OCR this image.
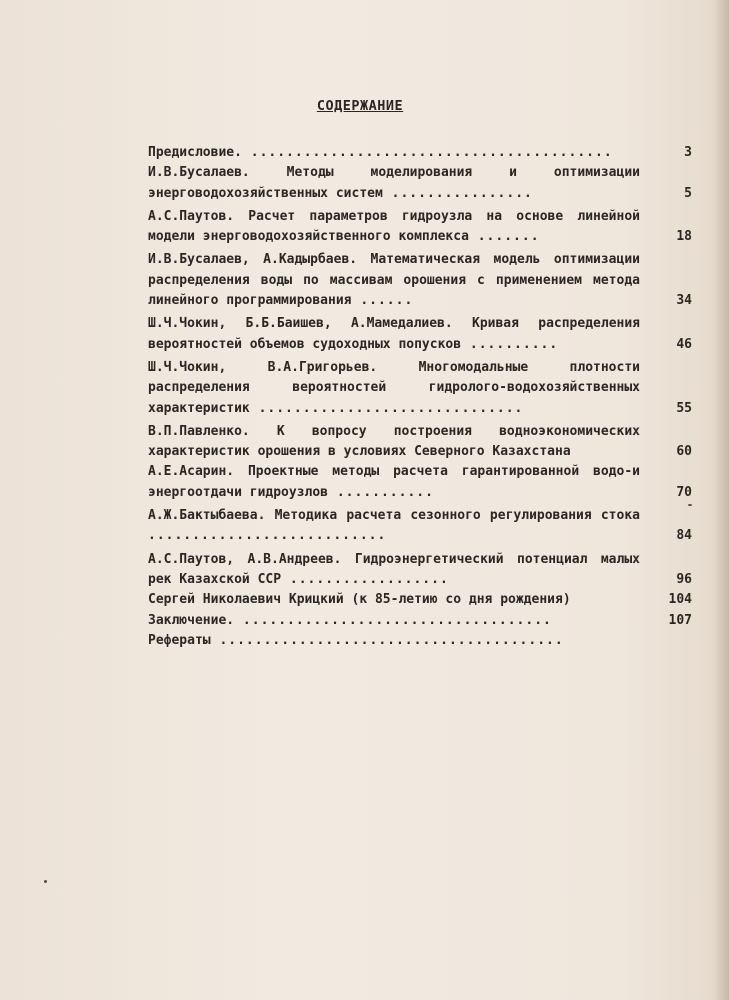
СОДЕРЖАНИЕ
Предисловие. .........................................	3
И.В.Бусалаев. Методы моделирования и оптимизации энерговодохозяйственных систем ................	5
А.С.Паутов. Расчет параметров гидроузла на основе линейной модели энерговодохозяйственного комплекса .......	18
И.В.Бусалаев, А.Кадырбаев. Математическая модель оптимизации распределения воды по массивам орошения с применением метода линейного программирования ......	34
Ш.Ч.Чокин, Б.Б.Баишев, А.Мамедалиев. Кривая распределения вероятностей объемов судоходных попусков ..........	46
Ш.Ч.Чокин, В.А.Григорьев. Многомодальные плотности распределения вероятностей гидролого-водохозяйственных характеристик ..............................	55
В.П.Павленко. К вопросу построения водноэкономических характеристик орошения в условиях Северного Казахстана	60
А.Е.Асарин. Проектные методы расчета гарантированной водо-и энергоотдачи гидроузлов ...........	70
А.Ж.Бактыбаева. Методика расчета сезонного регулирования стока ...........................	84
А.С.Паутов, А.В.Андреев. Гидроэнергетический потенциал малых рек Казахской ССР ..................	96
Сергей Николаевич Крицкий (к 85-летию со дня рождения)	104
Заключение. ...................................	107
Рефераты .......................................
